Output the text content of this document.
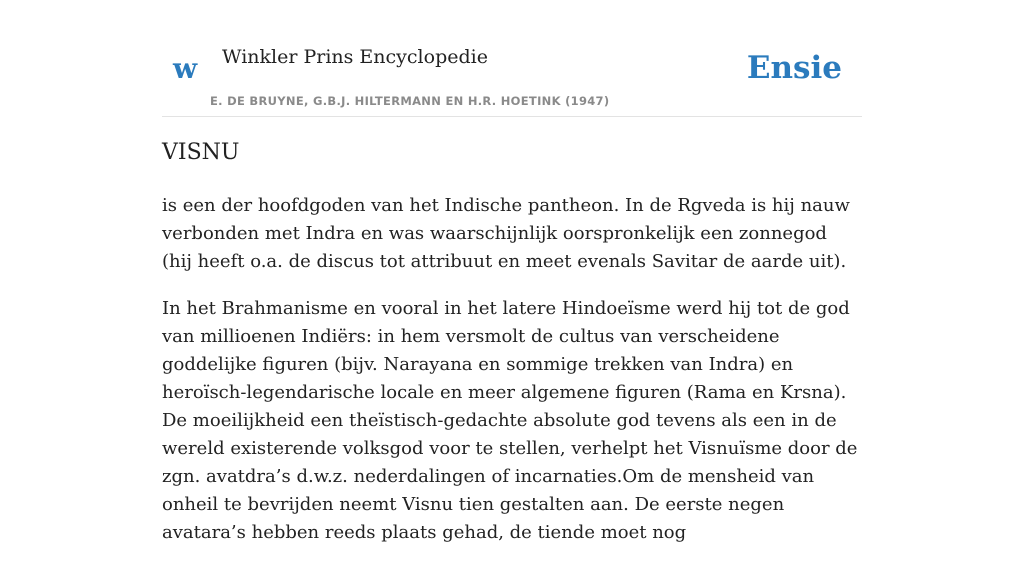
w Winkler Prins Encyclopedie
E. DE BRUYNE, G.B.J. HILTERMANN EN H.R. HOETINK (1947)
Ensie
VISNU

is een der hoofdgoden van het Indische pantheon. In de Rgveda is hij nauw verbonden met Indra en was waarschijnlijk oorspronkelijk een zonnegod (hij heeft o.a. de discus tot attribuut en meet evenals Savitar de aarde uit).

In het Brahmanisme en vooral in het latere Hindoeïsme werd hij tot de god van millioenen Indiërs: in hem versmolt de cultus van verscheidene goddelijke figuren (bijv. Narayana en sommige trekken van Indra) en heroïsch-legendarische locale en meer algemene figuren (Rama en Krsna). De moeilijkheid een theïstisch-gedachte absolute god tevens als een in de wereld existerende volksgod voor te stellen, verhelpt het Visnuïsme door de zgn. avatdra’s d.w.z. nederdalingen of incarnaties.Om de mensheid van onheil te bevrijden neemt Visnu tien gestalten aan. De eerste negen avatara’s hebben reeds plaats gehad, de tiende moet nog
